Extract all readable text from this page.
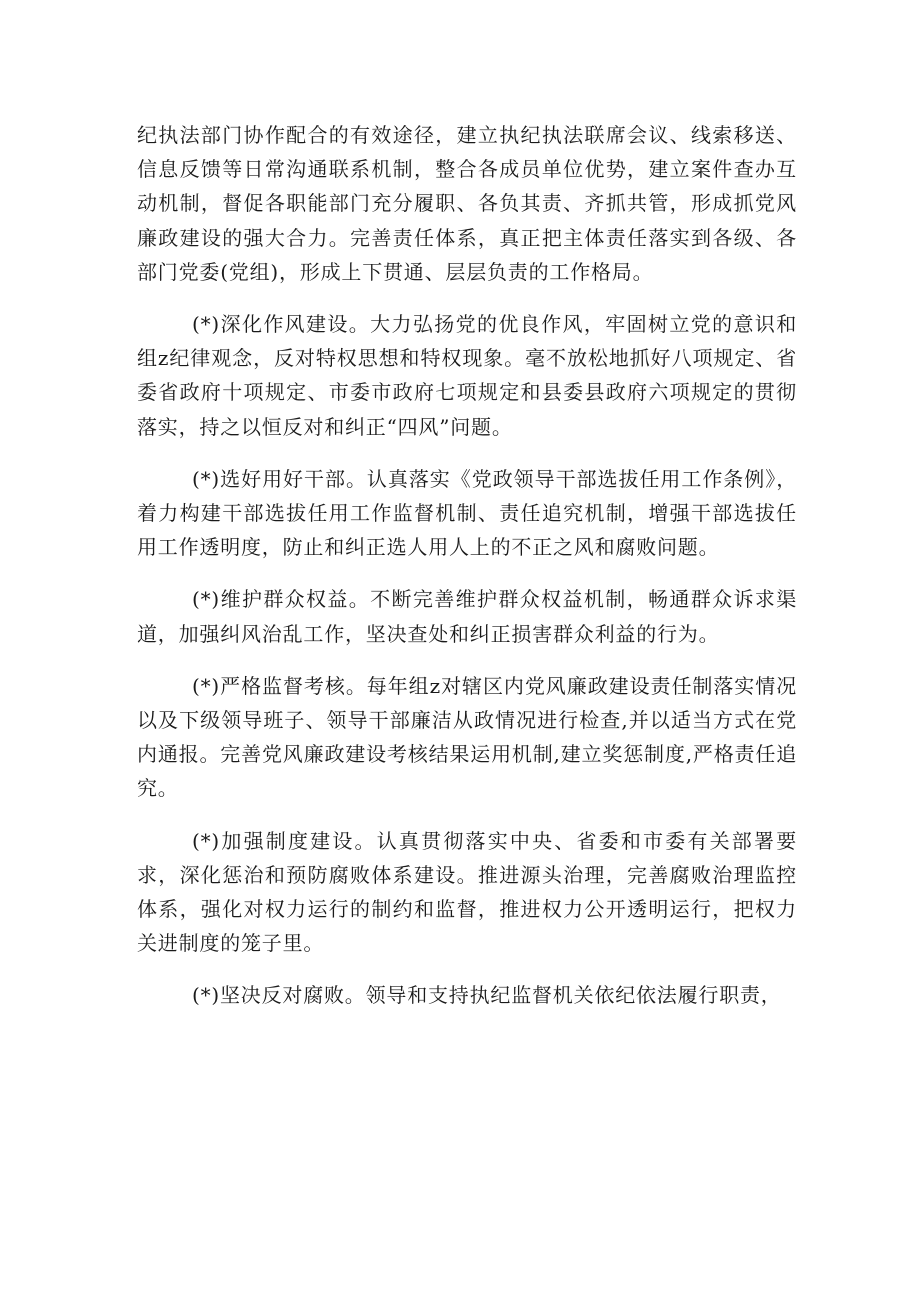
纪执法部门协作配合的有效途径，建立执纪执法联席会议、线索移送、信息反馈等日常沟通联系机制，整合各成员单位优势，建立案件查办互动机制，督促各职能部门充分履职、各负其责、齐抓共管，形成抓党风廉政建设的强大合力。完善责任体系，真正把主体责任落实到各级、各部门党委(党组)，形成上下贯通、层层负责的工作格局。

(*)深化作风建设。大力弘扬党的优良作风，牢固树立党的意识和组z纪律观念，反对特权思想和特权现象。毫不放松地抓好八项规定、省委省政府十项规定、市委市政府七项规定和县委县政府六项规定的贯彻落实，持之以恒反对和纠正“四风”问题。

(*)选好用好干部。认真落实《党政领导干部选拔任用工作条例》，着力构建干部选拔任用工作监督机制、责任追究机制，增强干部选拔任用工作透明度，防止和纠正选人用人上的不正之风和腐败问题。

(*)维护群众权益。不断完善维护群众权益机制，畅通群众诉求渠道，加强纠风治乱工作，坚决查处和纠正损害群众利益的行为。

(*)严格监督考核。每年组z对辖区内党风廉政建设责任制落实情况以及下级领导班子、领导干部廉洁从政情况进行检查,并以适当方式在党内通报。完善党风廉政建设考核结果运用机制,建立奖惩制度,严格责任追究。

(*)加强制度建设。认真贯彻落实中央、省委和市委有关部署要求，深化惩治和预防腐败体系建设。推进源头治理，完善腐败治理监控体系，强化对权力运行的制约和监督，推进权力公开透明运行，把权力关进制度的笼子里。

(*)坚决反对腐败。领导和支持执纪监督机关依纪依法履行职责，
